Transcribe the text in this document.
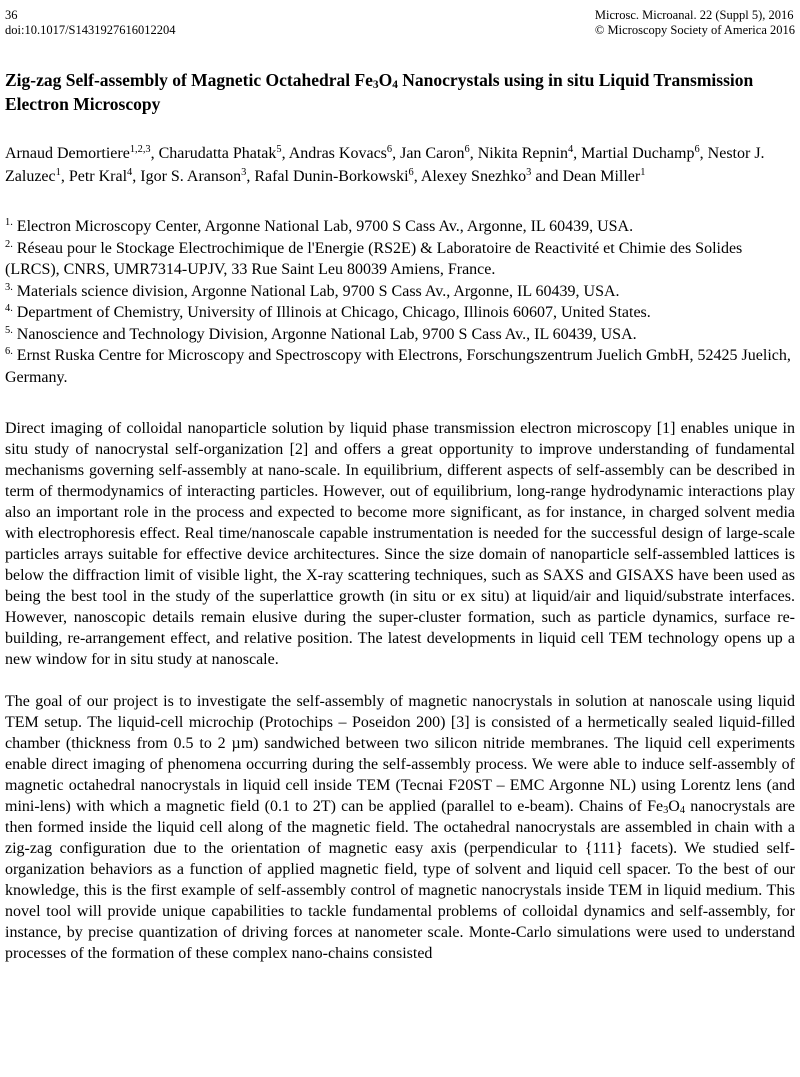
36
doi:10.1017/S1431927616012204
Microsc. Microanal. 22 (Suppl 5), 2016
© Microscopy Society of America 2016
Zig-zag Self-assembly of Magnetic Octahedral $Fe_3O_4$ Nanocrystals using in situ Liquid Transmission Electron Microscopy

Arnaud Demortiere$^{1,2,3}$, Charudatta Phatak$^5$, Andras Kovacs$^6$, Jan Caron$^6$, Nikita Repnin$^4$, Martial Duchamp$^6$, Nestor J. Zaluzec$^1$, Petr Kral$^4$, Igor S. Aranson$^3$, Rafal Dunin-Borkowski$^6$, Alexey Snezhko$^3$ and Dean Miller$^1$

$^{1.}$ Electron Microscopy Center, Argonne National Lab, 9700 S Cass Av., Argonne, IL 60439, USA.
$^{2.}$ Réseau pour le Stockage Electrochimique de l'Energie (RS2E) & Laboratoire de Reactivité et Chimie des Solides (LRCS), CNRS, UMR7314-UPJV, 33 Rue Saint Leu 80039 Amiens, France.
$^{3.}$ Materials science division, Argonne National Lab, 9700 S Cass Av., Argonne, IL 60439, USA.
$^{4.}$ Department of Chemistry, University of Illinois at Chicago, Chicago, Illinois 60607, United States.
$^{5.}$ Nanoscience and Technology Division, Argonne National Lab, 9700 S Cass Av., IL 60439, USA.
$^{6.}$ Ernst Ruska Centre for Microscopy and Spectroscopy with Electrons, Forschungszentrum Juelich GmbH, 52425 Juelich, Germany.

Direct imaging of colloidal nanoparticle solution by liquid phase transmission electron microscopy [1] enables unique in situ study of nanocrystal self-organization [2] and offers a great opportunity to improve understanding of fundamental mechanisms governing self-assembly at nano-scale. In equilibrium, different aspects of self-assembly can be described in term of thermodynamics of interacting particles. However, out of equilibrium, long-range hydrodynamic interactions play also an important role in the process and expected to become more significant, as for instance, in charged solvent media with electrophoresis effect. Real time/nanoscale capable instrumentation is needed for the successful design of large-scale particles arrays suitable for effective device architectures. Since the size domain of nanoparticle self-assembled lattices is below the diffraction limit of visible light, the X-ray scattering techniques, such as SAXS and GISAXS have been used as being the best tool in the study of the superlattice growth (in situ or ex situ) at liquid/air and liquid/substrate interfaces. However, nanoscopic details remain elusive during the super-cluster formation, such as particle dynamics, surface re-building, re-arrangement effect, and relative position. The latest developments in liquid cell TEM technology opens up a new window for in situ study at nanoscale.

The goal of our project is to investigate the self-assembly of magnetic nanocrystals in solution at nanoscale using liquid TEM setup. The liquid-cell microchip (Protochips – Poseidon 200) [3] is consisted of a hermetically sealed liquid-filled chamber (thickness from 0.5 to 2 µm) sandwiched between two silicon nitride membranes. The liquid cell experiments enable direct imaging of phenomena occurring during the self-assembly process. We were able to induce self-assembly of magnetic octahedral nanocrystals in liquid cell inside TEM (Tecnai F20ST – EMC Argonne NL) using Lorentz lens (and mini-lens) with which a magnetic field (0.1 to 2T) can be applied (parallel to e-beam). Chains of $Fe_3O_4$ nanocrystals are then formed inside the liquid cell along of the magnetic field. The octahedral nanocrystals are assembled in chain with a zig-zag configuration due to the orientation of magnetic easy axis (perpendicular to {111} facets). We studied self-organization behaviors as a function of applied magnetic field, type of solvent and liquid cell spacer. To the best of our knowledge, this is the first example of self-assembly control of magnetic nanocrystals inside TEM in liquid medium. This novel tool will provide unique capabilities to tackle fundamental problems of colloidal dynamics and self-assembly, for instance, by precise quantization of driving forces at nanometer scale. Monte-Carlo simulations were used to understand processes of the formation of these complex nano-chains consisted
